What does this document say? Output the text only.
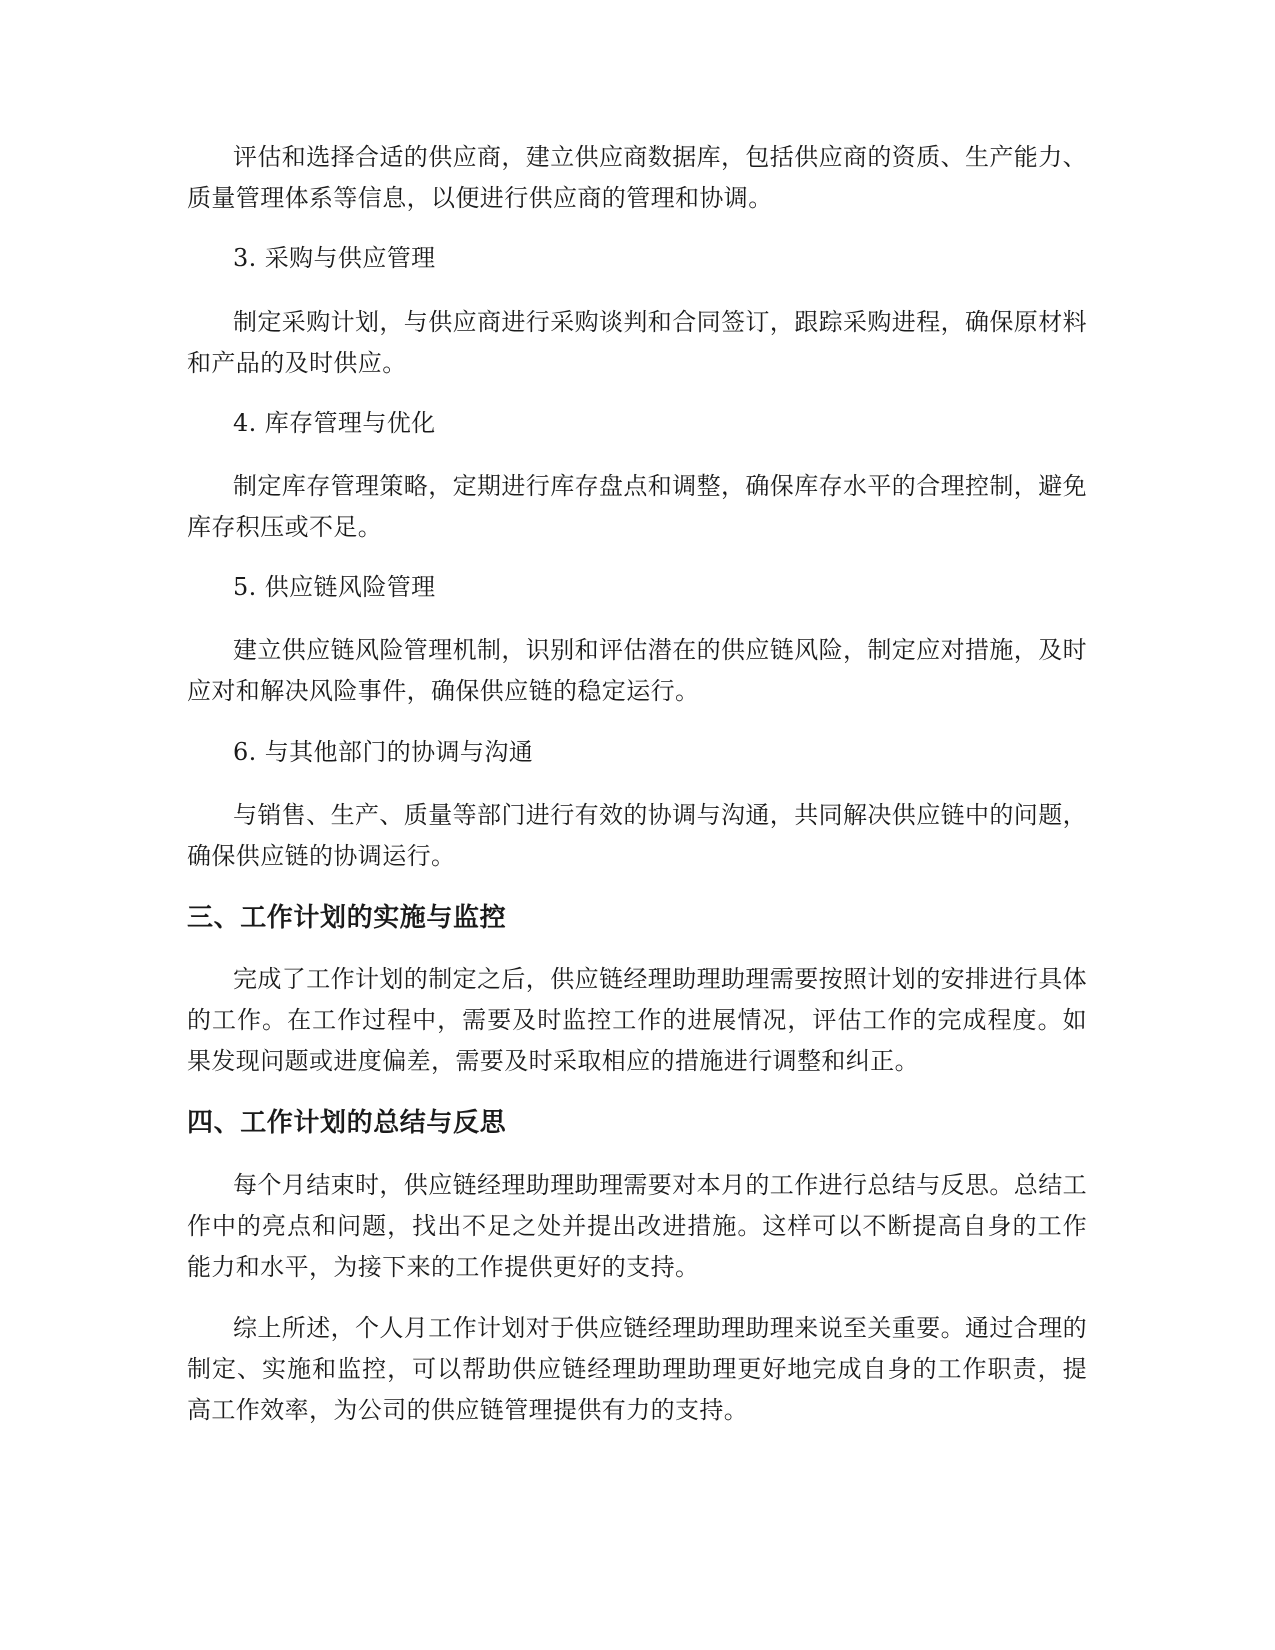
评估和选择合适的供应商，建立供应商数据库，包括供应商的资质、生产能力、质量管理体系等信息，以便进行供应商的管理和协调。
3. 采购与供应管理
制定采购计划，与供应商进行采购谈判和合同签订，跟踪采购进程，确保原材料和产品的及时供应。
4. 库存管理与优化
制定库存管理策略，定期进行库存盘点和调整，确保库存水平的合理控制，避免库存积压或不足。
5. 供应链风险管理
建立供应链风险管理机制，识别和评估潜在的供应链风险，制定应对措施，及时应对和解决风险事件，确保供应链的稳定运行。
6. 与其他部门的协调与沟通
与销售、生产、质量等部门进行有效的协调与沟通，共同解决供应链中的问题，确保供应链的协调运行。
三、工作计划的实施与监控
完成了工作计划的制定之后，供应链经理助理助理需要按照计划的安排进行具体的工作。在工作过程中，需要及时监控工作的进展情况，评估工作的完成程度。如果发现问题或进度偏差，需要及时采取相应的措施进行调整和纠正。
四、工作计划的总结与反思
每个月结束时，供应链经理助理助理需要对本月的工作进行总结与反思。总结工作中的亮点和问题，找出不足之处并提出改进措施。这样可以不断提高自身的工作能力和水平，为接下来的工作提供更好的支持。
综上所述，个人月工作计划对于供应链经理助理助理来说至关重要。通过合理的制定、实施和监控，可以帮助供应链经理助理助理更好地完成自身的工作职责，提高工作效率，为公司的供应链管理提供有力的支持。
